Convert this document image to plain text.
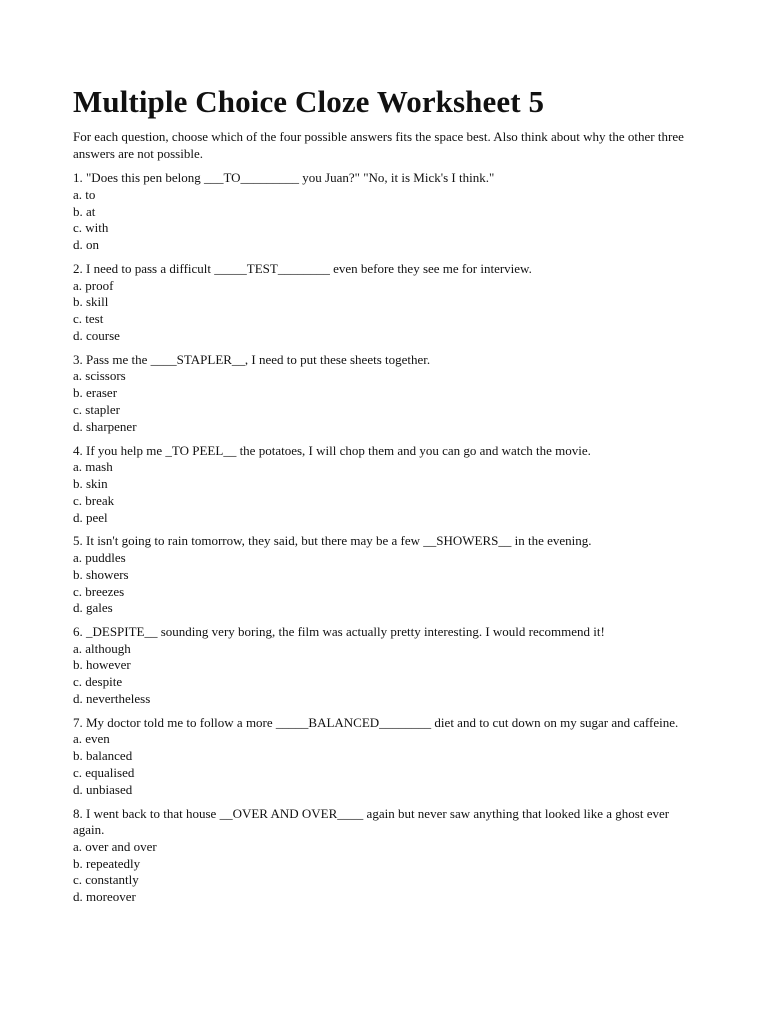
Multiple Choice Cloze Worksheet 5

For each question, choose which of the four possible answers fits the space best. Also think about why the other three answers are not possible.

1. "Does this pen belong ___TO_________ you Juan?" "No, it is Mick's I think."
a. to
b. at
c. with
d. on
2. I need to pass a difficult _____TEST________ even before they see me for interview.
a. proof
b. skill
c. test
d. course
3. Pass me the ____STAPLER__, I need to put these sheets together.
a. scissors
b. eraser
c. stapler
d. sharpener
4. If you help me _TO PEEL__ the potatoes, I will chop them and you can go and watch the movie.
a. mash
b. skin
c. break
d. peel
5. It isn't going to rain tomorrow, they said, but there may be a few __SHOWERS__ in the evening.
a. puddles
b. showers
c. breezes
d. gales
6. _DESPITE__ sounding very boring, the film was actually pretty interesting. I would recommend it!
a. although
b. however
c. despite
d. nevertheless
7. My doctor told me to follow a more _____BALANCED________ diet and to cut down on my sugar and caffeine.
a. even
b. balanced
c. equalised
d. unbiased
8. I went back to that house __OVER AND OVER____ again but never saw anything that looked like a ghost ever again.
a. over and over
b. repeatedly
c. constantly
d. moreover
